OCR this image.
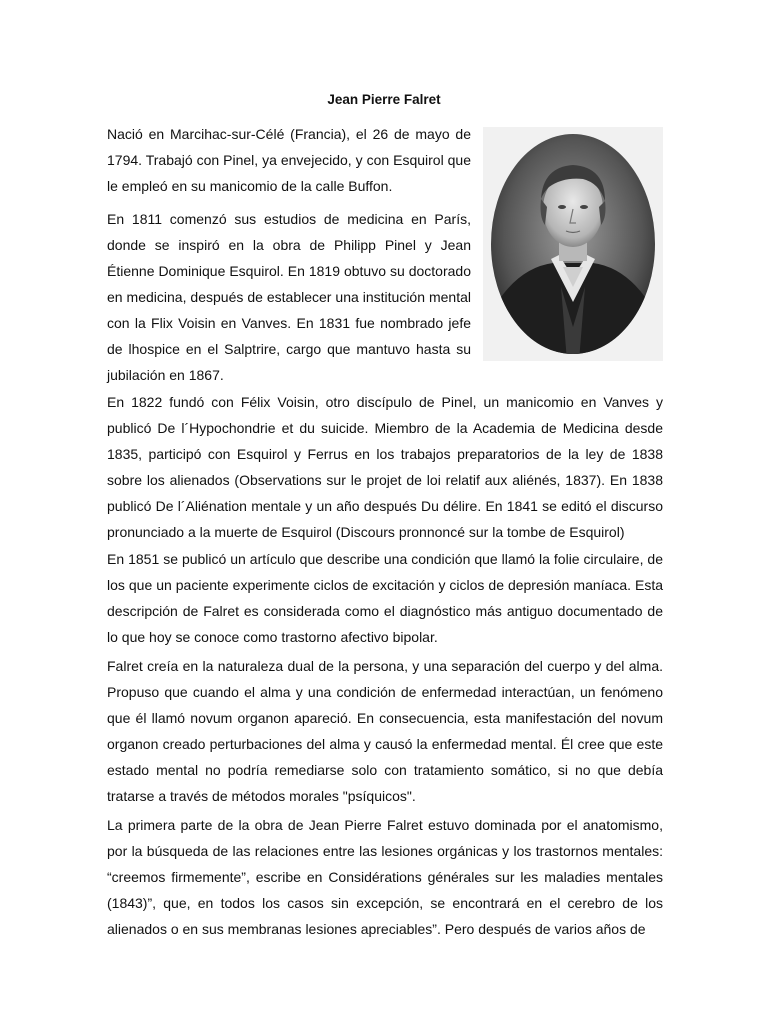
Jean Pierre Falret

Nació en Marcihac-sur-Célé (Francia), el 26 de mayo de 1794. Trabajó con Pinel, ya envejecido, y con Esquirol que le empleó en su manicomio de la calle Buffon.

En 1811 comenzó sus estudios de medicina en París, donde se inspiró en la obra de Philipp Pinel y Jean Étienne Dominique Esquirol. En 1819 obtuvo su doctorado en medicina, después de establecer una institución mental con la Flix Voisin en Vanves. En 1831 fue nombrado jefe de lhospice en el Salptrire, cargo que mantuvo hasta su jubilación en 1867.

En 1822 fundó con Félix Voisin, otro discípulo de Pinel, un manicomio en Vanves y publicó De l´Hypochondrie et du suicide. Miembro de la Academia de Medicina desde 1835, participó con Esquirol y Ferrus en los trabajos preparatorios de la ley de 1838 sobre los alienados (Observations sur le projet de loi relatif aux aliénés, 1837). En 1838 publicó De l´Aliénation mentale y un año después Du délire. En 1841 se editó el discurso pronunciado a la muerte de Esquirol (Discours pronnoncé sur la tombe de Esquirol)

En 1851 se publicó un artículo que describe una condición que llamó la folie circulaire, de los que un paciente experimente ciclos de excitación y ciclos de depresión maníaca. Esta descripción de Falret es considerada como el diagnóstico más antiguo documentado de lo que hoy se conoce como trastorno afectivo bipolar.

Falret creía en la naturaleza dual de la persona, y una separación del cuerpo y del alma. Propuso que cuando el alma y una condición de enfermedad interactúan, un fenómeno que él llamó novum organon apareció. En consecuencia, esta manifestación del novum organon creado perturbaciones del alma y causó la enfermedad mental. Él cree que este estado mental no podría remediarse solo con tratamiento somático, si no que debía tratarse a través de métodos morales "psíquicos".

La primera parte de la obra de Jean Pierre Falret estuvo dominada por el anatomismo, por la búsqueda de las relaciones entre las lesiones orgánicas y los trastornos mentales: “creemos firmemente”, escribe en Considérations générales sur les maladies mentales (1843)”, que, en todos los casos sin excepción, se encontrará en el cerebro de los alienados o en sus membranas lesiones apreciables”. Pero después de varios años de
